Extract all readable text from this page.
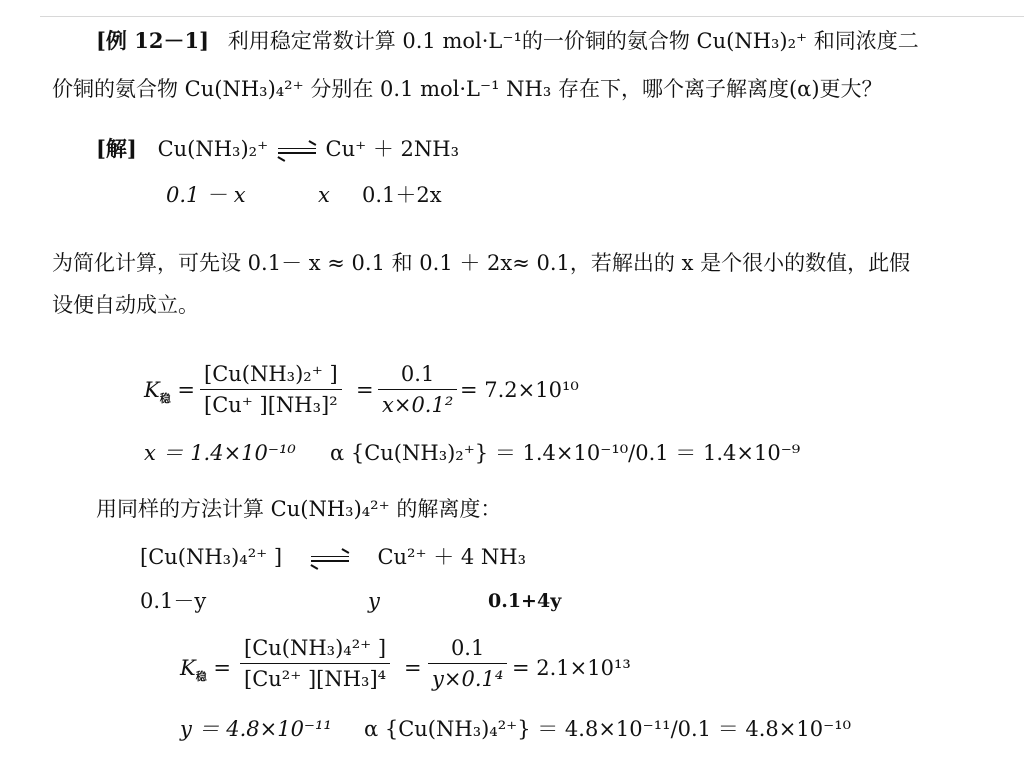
[例 12－1] 利用稳定常数计算 0.1 mol·L⁻¹的一价铜的氨合物 Cu(NH₃)₂⁺ 和同浓度二
价铜的氨合物 Cu(NH₃)₄²⁺ 分别在 0.1 mol·L⁻¹ NH₃ 存在下，哪个离子解离度(α)更大？
[解] Cu(NH₃)₂⁺	Cu⁺ ＋ 2NH₃
0.1 － x	x 0.1＋2x
为简化计算，可先设 0.1－ x ≈ 0.1 和 0.1 ＋ 2x≈ 0.1，若解出的 x 是个很小的数值，此假
设便自动成立。
$K_稳 = \frac{\text{[Cu(NH₃)₂⁺ ]}}{\text{[Cu⁺ ][NH₃]²}} = \frac{0.1}{\text{x×0.1²}} = 7.2\times 10^{10}$
x ＝ 1.4×10⁻¹⁰ α {Cu(NH₃)₂⁺} ＝ 1.4×10⁻¹⁰/0.1 ＝ 1.4×10⁻⁹
用同样的方法计算 Cu(NH₃)₄²⁺ 的解离度：
[Cu(NH₃)₄²⁺ ]	Cu²⁺ ＋ 4 NH₃
0.1－y	y	0.1+4y
$K_稳 = \frac{\text{[Cu(NH₃)₄²⁺ ]}}{\text{[Cu²⁺ ][NH₃]⁴}} = \frac{0.1}{\text{y×0.1⁴}} = 2.1\times 10^{13}$
y ＝ 4.8×10⁻¹¹ α {Cu(NH₃)₄²⁺} ＝ 4.8×10⁻¹¹/0.1 ＝ 4.8×10⁻¹⁰
